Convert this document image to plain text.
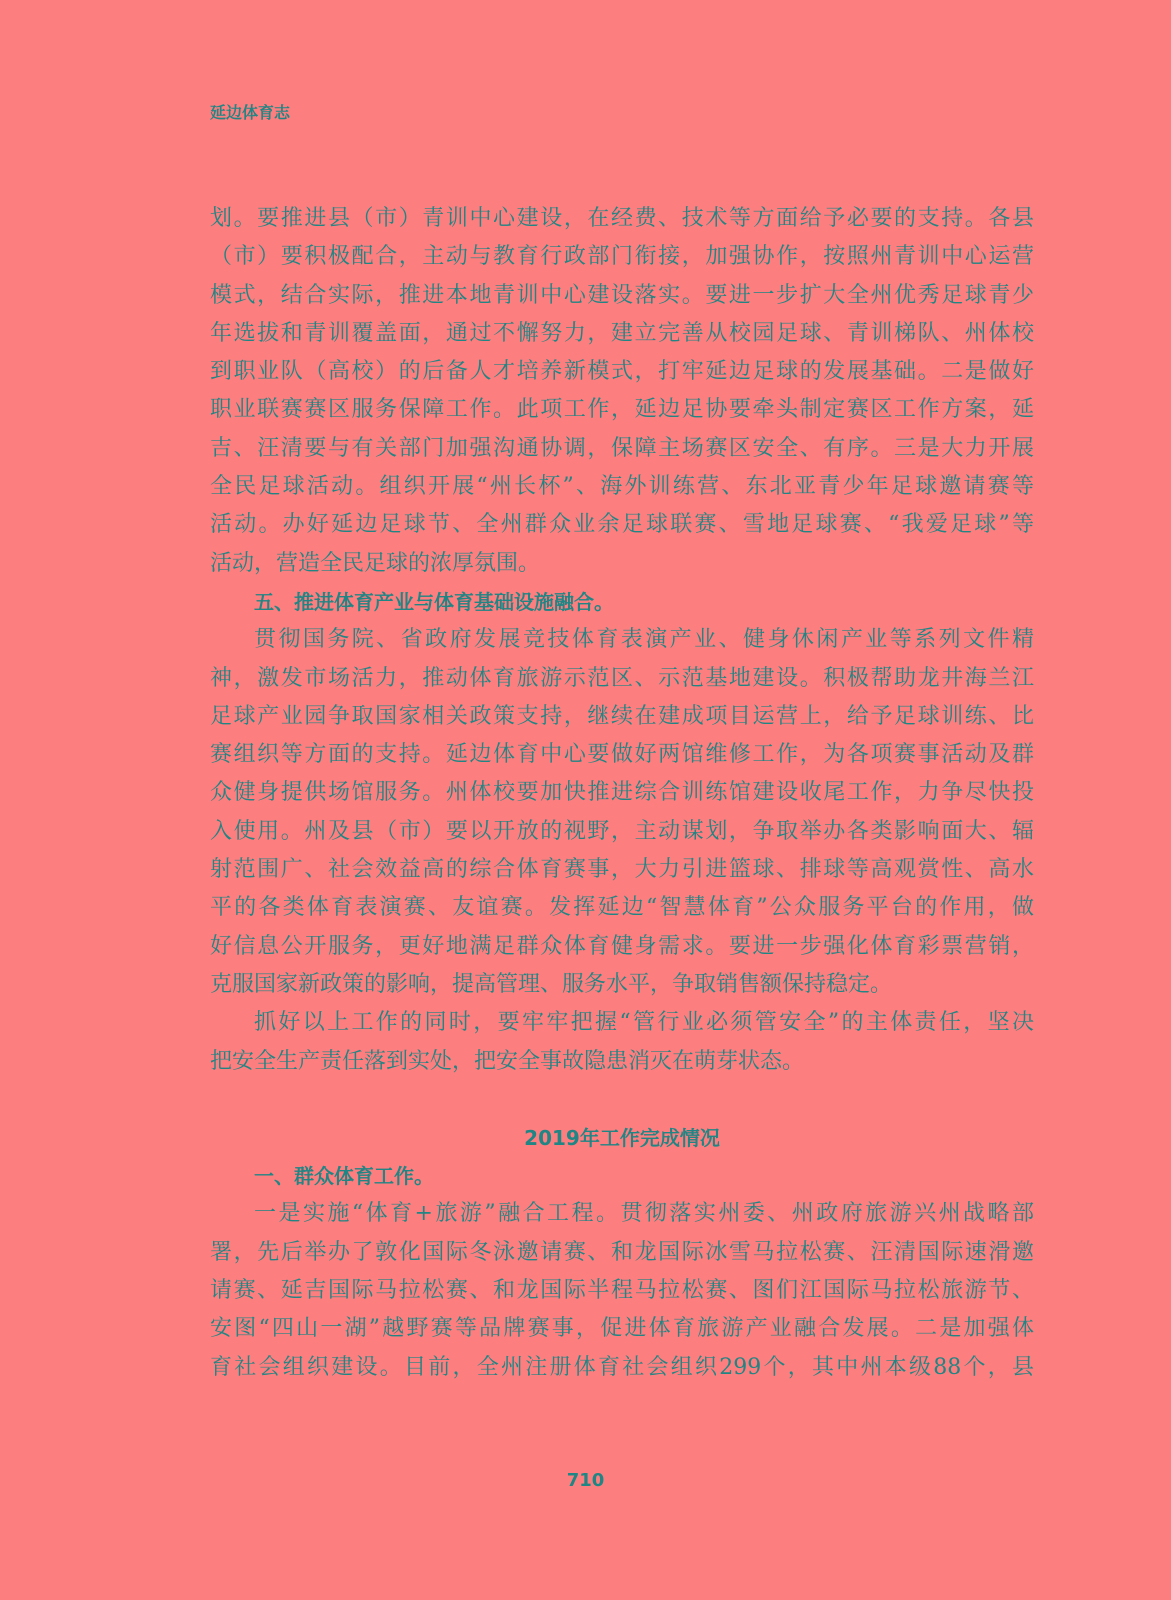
延边体育志
划。要推进县（市）青训中心建设，在经费、技术等方面给予必要的支持。各县
（市）要积极配合，主动与教育行政部门衔接，加强协作，按照州青训中心运营
模式，结合实际，推进本地青训中心建设落实。要进一步扩大全州优秀足球青少
年选拔和青训覆盖面，通过不懈努力，建立完善从校园足球、青训梯队、州体校
到职业队（高校）的后备人才培养新模式，打牢延边足球的发展基础。二是做好
职业联赛赛区服务保障工作。此项工作，延边足协要牵头制定赛区工作方案，延
吉、汪清要与有关部门加强沟通协调，保障主场赛区安全、有序。三是大力开展
全民足球活动。组织开展“州长杯”、海外训练营、东北亚青少年足球邀请赛等
活动。办好延边足球节、全州群众业余足球联赛、雪地足球赛、“我爱足球”等
活动，营造全民足球的浓厚氛围。
五、推进体育产业与体育基础设施融合。
贯彻国务院、省政府发展竞技体育表演产业、健身休闲产业等系列文件精
神，激发市场活力，推动体育旅游示范区、示范基地建设。积极帮助龙井海兰江
足球产业园争取国家相关政策支持，继续在建成项目运营上，给予足球训练、比
赛组织等方面的支持。延边体育中心要做好两馆维修工作，为各项赛事活动及群
众健身提供场馆服务。州体校要加快推进综合训练馆建设收尾工作，力争尽快投
入使用。州及县（市）要以开放的视野，主动谋划，争取举办各类影响面大、辐
射范围广、社会效益高的综合体育赛事，大力引进篮球、排球等高观赏性、高水
平的各类体育表演赛、友谊赛。发挥延边“智慧体育”公众服务平台的作用，做
好信息公开服务，更好地满足群众体育健身需求。要进一步强化体育彩票营销，
克服国家新政策的影响，提高管理、服务水平，争取销售额保持稳定。
抓好以上工作的同时，要牢牢把握“管行业必须管安全”的主体责任，坚决
把安全生产责任落到实处，把安全事故隐患消灭在萌芽状态。
2019年工作完成情况
一、群众体育工作。
一是实施“体育+旅游”融合工程。贯彻落实州委、州政府旅游兴州战略部
署，先后举办了敦化国际冬泳邀请赛、和龙国际冰雪马拉松赛、汪清国际速滑邀
请赛、延吉国际马拉松赛、和龙国际半程马拉松赛、图们江国际马拉松旅游节、
安图“四山一湖”越野赛等品牌赛事，促进体育旅游产业融合发展。二是加强体
育社会组织建设。目前，全州注册体育社会组织299个，其中州本级88个，县
710
